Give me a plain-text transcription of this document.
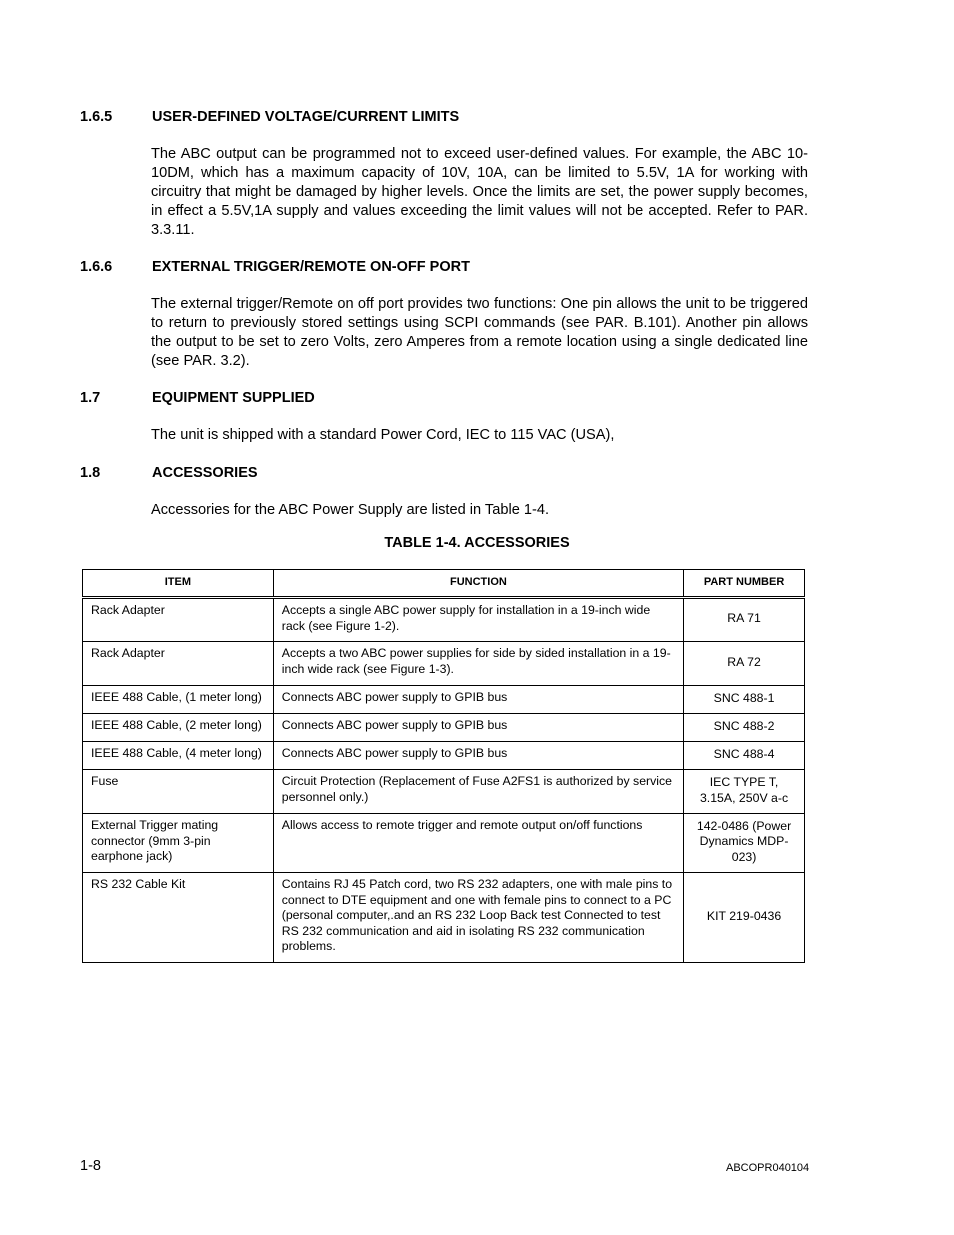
1.6.5	USER-DEFINED VOLTAGE/CURRENT LIMITS

The ABC output can be programmed not to exceed user-defined values. For example, the ABC 10-10DM, which has a maximum capacity of 10V, 10A, can be limited to 5.5V, 1A for working with circuitry that might be damaged by higher levels. Once the limits are set, the power supply becomes, in effect a 5.5V,1A supply and values exceeding the limit values will not be accepted. Refer to PAR. 3.3.11.

1.6.6	EXTERNAL TRIGGER/REMOTE ON-OFF PORT

The external trigger/Remote on off port provides two functions: One pin allows the unit to be triggered to return to previously stored settings using SCPI commands (see PAR. B.101). Another pin allows the output to be set to zero Volts, zero Amperes from a remote location using a single dedicated line (see PAR. 3.2).

1.7	EQUIPMENT SUPPLIED

The unit is shipped with a standard Power Cord, IEC to 115 VAC (USA),

1.8	ACCESSORIES

Accessories for the ABC Power Supply are listed in Table 1-4.

TABLE 1-4. ACCESSORIES
ITEM	FUNCTION	PART NUMBER
Rack Adapter	Accepts a single ABC power supply for installation in a 19-inch wide rack (see Figure 1-2).	RA 71
Rack Adapter	Accepts a two ABC power supplies for side by sided installation in a 19-inch wide rack (see Figure 1-3).	RA 72
IEEE 488 Cable, (1 meter long)	Connects ABC power supply to GPIB bus	SNC 488-1
IEEE 488 Cable, (2 meter long)	Connects ABC power supply to GPIB bus	SNC 488-2
IEEE 488 Cable, (4 meter long)	Connects ABC power supply to GPIB bus	SNC 488-4
Fuse	Circuit Protection (Replacement of Fuse A2FS1 is authorized by service personnel only.)	IEC TYPE T, 3.15A, 250V a-c
External Trigger mating connector (9mm 3-pin earphone jack)	Allows access to remote trigger and remote output on/off functions	142-0486 (Power Dynamics MDP-023)
RS 232 Cable Kit	Contains RJ 45 Patch cord, two RS 232 adapters, one with male pins to connect to DTE equipment and one with female pins to connect to a PC (personal computer,.and an RS 232 Loop Back test Connected to test RS 232 communication and aid in isolating RS 232 communication problems.	KIT 219-0436
1-8	ABCOPR040104
